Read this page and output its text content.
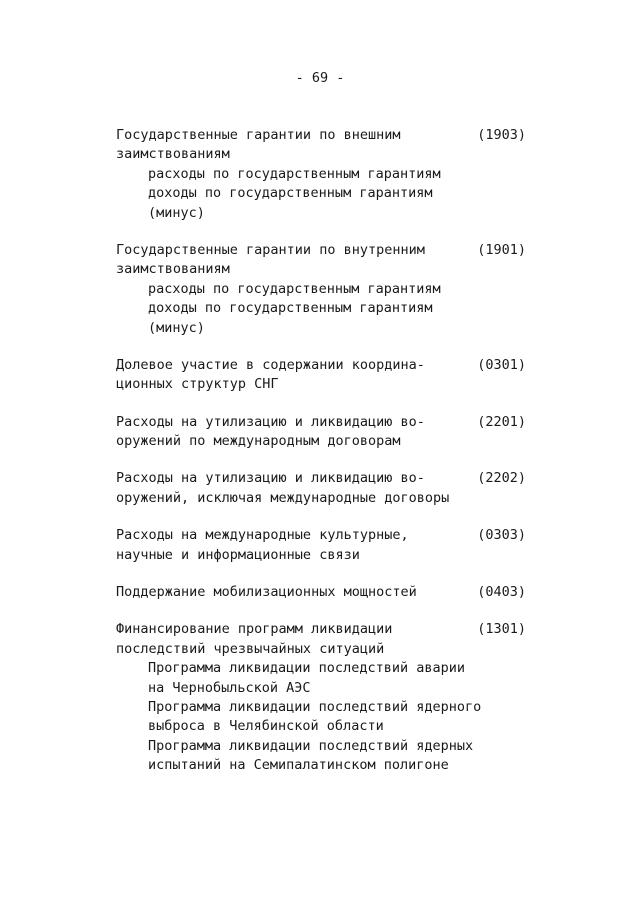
- 69 -
(1903)
Государственные гарантии по внешним
заимствованиям
расходы по государственным гарантиям
доходы по государственным гарантиям
(минус)
(1901)
Государственные гарантии по внутренним
заимствованиям
расходы по государственным гарантиям
доходы по государственным гарантиям
(минус)
(0301)
Долевое участие в содержании координа-
ционных структур СНГ
(2201)
Расходы на утилизацию и ликвидацию во-
оружений по международным договорам
(2202)
Расходы на утилизацию и ликвидацию во-
оружений, исключая международные договоры
(0303)
Расходы на международные культурные,
научные и информационные связи
(0403)
Поддержание мобилизационных мощностей
(1301)
Финансирование программ ликвидации
последствий чрезвычайных ситуаций
Программа ликвидации последствий аварии
на Чернобыльской АЭС
Программа ликвидации последствий ядерного
выброса в Челябинской области
Программа ликвидации последствий ядерных
испытаний на Семипалатинском полигоне
